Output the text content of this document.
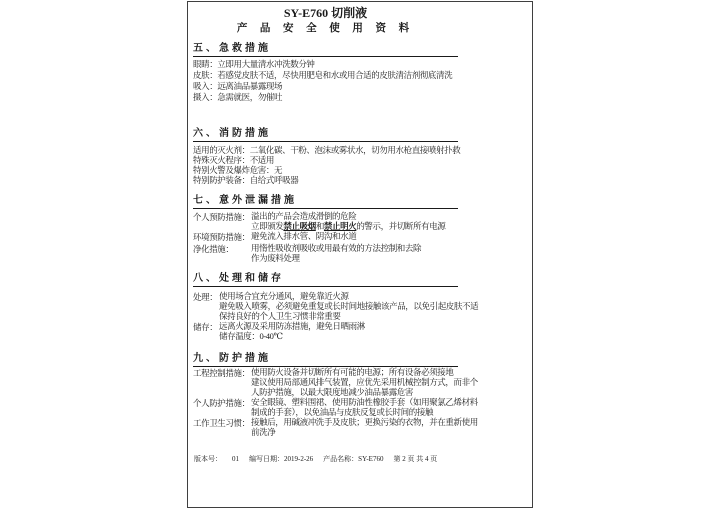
SY-E760 切削液
产 品 安 全 使 用 资 料
五、急救措施
眼睛：立即用大量清水冲洗数分钟
皮肤：若感觉皮肤不适，尽快用肥皂和水或用合适的皮肤清洁剂彻底清洗
吸入：远离油品暴露现场
摄入：急需就医，勿催吐
六、消防措施
适用的灭火剂：二氧化碳、干粉、泡沫或雾状水，切勿用水枪直接喷射扑救
特殊灭火程序：不适用
特别火警及爆炸危害：无
特别防护装备：自给式呼吸器
七、意外泄漏措施
个人预防措施： 溢出的产品会造成滑倒的危险
立即颁发禁止吸烟和禁止明火的警示，并切断所有电源
环境预防措施： 避免流入排水管、阴沟和水道
净化措施：	用惰性吸收剂吸收或用最有效的方法控制和去除
作为废料处理
八、处理和储存
处理： 使用场合宜充分通风，避免靠近火源
避免吸入喷雾，必须避免重复或长时间地接触该产品，以免引起皮肤不适
保持良好的个人卫生习惯非常重要
储存： 远离火源及采用防冻措施，避免日晒雨淋
储存温度：0-40℃
九、防护措施
工程控制措施： 使用防火设备并切断所有可能的电源；所有设备必须接地
建议使用局部通风排气装置，应优先采用机械控制方式，而非个
人防护措施，以最大限度地减少油品暴露危害
个人防护措施： 安全眼镜、塑料围裙、使用防油性橡胶手套（如用聚氯乙烯材料
制成的手套），以免油品与皮肤反复或长时间的接触
工作卫生习惯： 接触后，用碱液冲洗手及皮肤；更换污染的衣物，并在重新使用
前洗净
版本号： 01 编写日期：2019-2-26 产品名称：SY-E760 第 2 页 共 4 页
